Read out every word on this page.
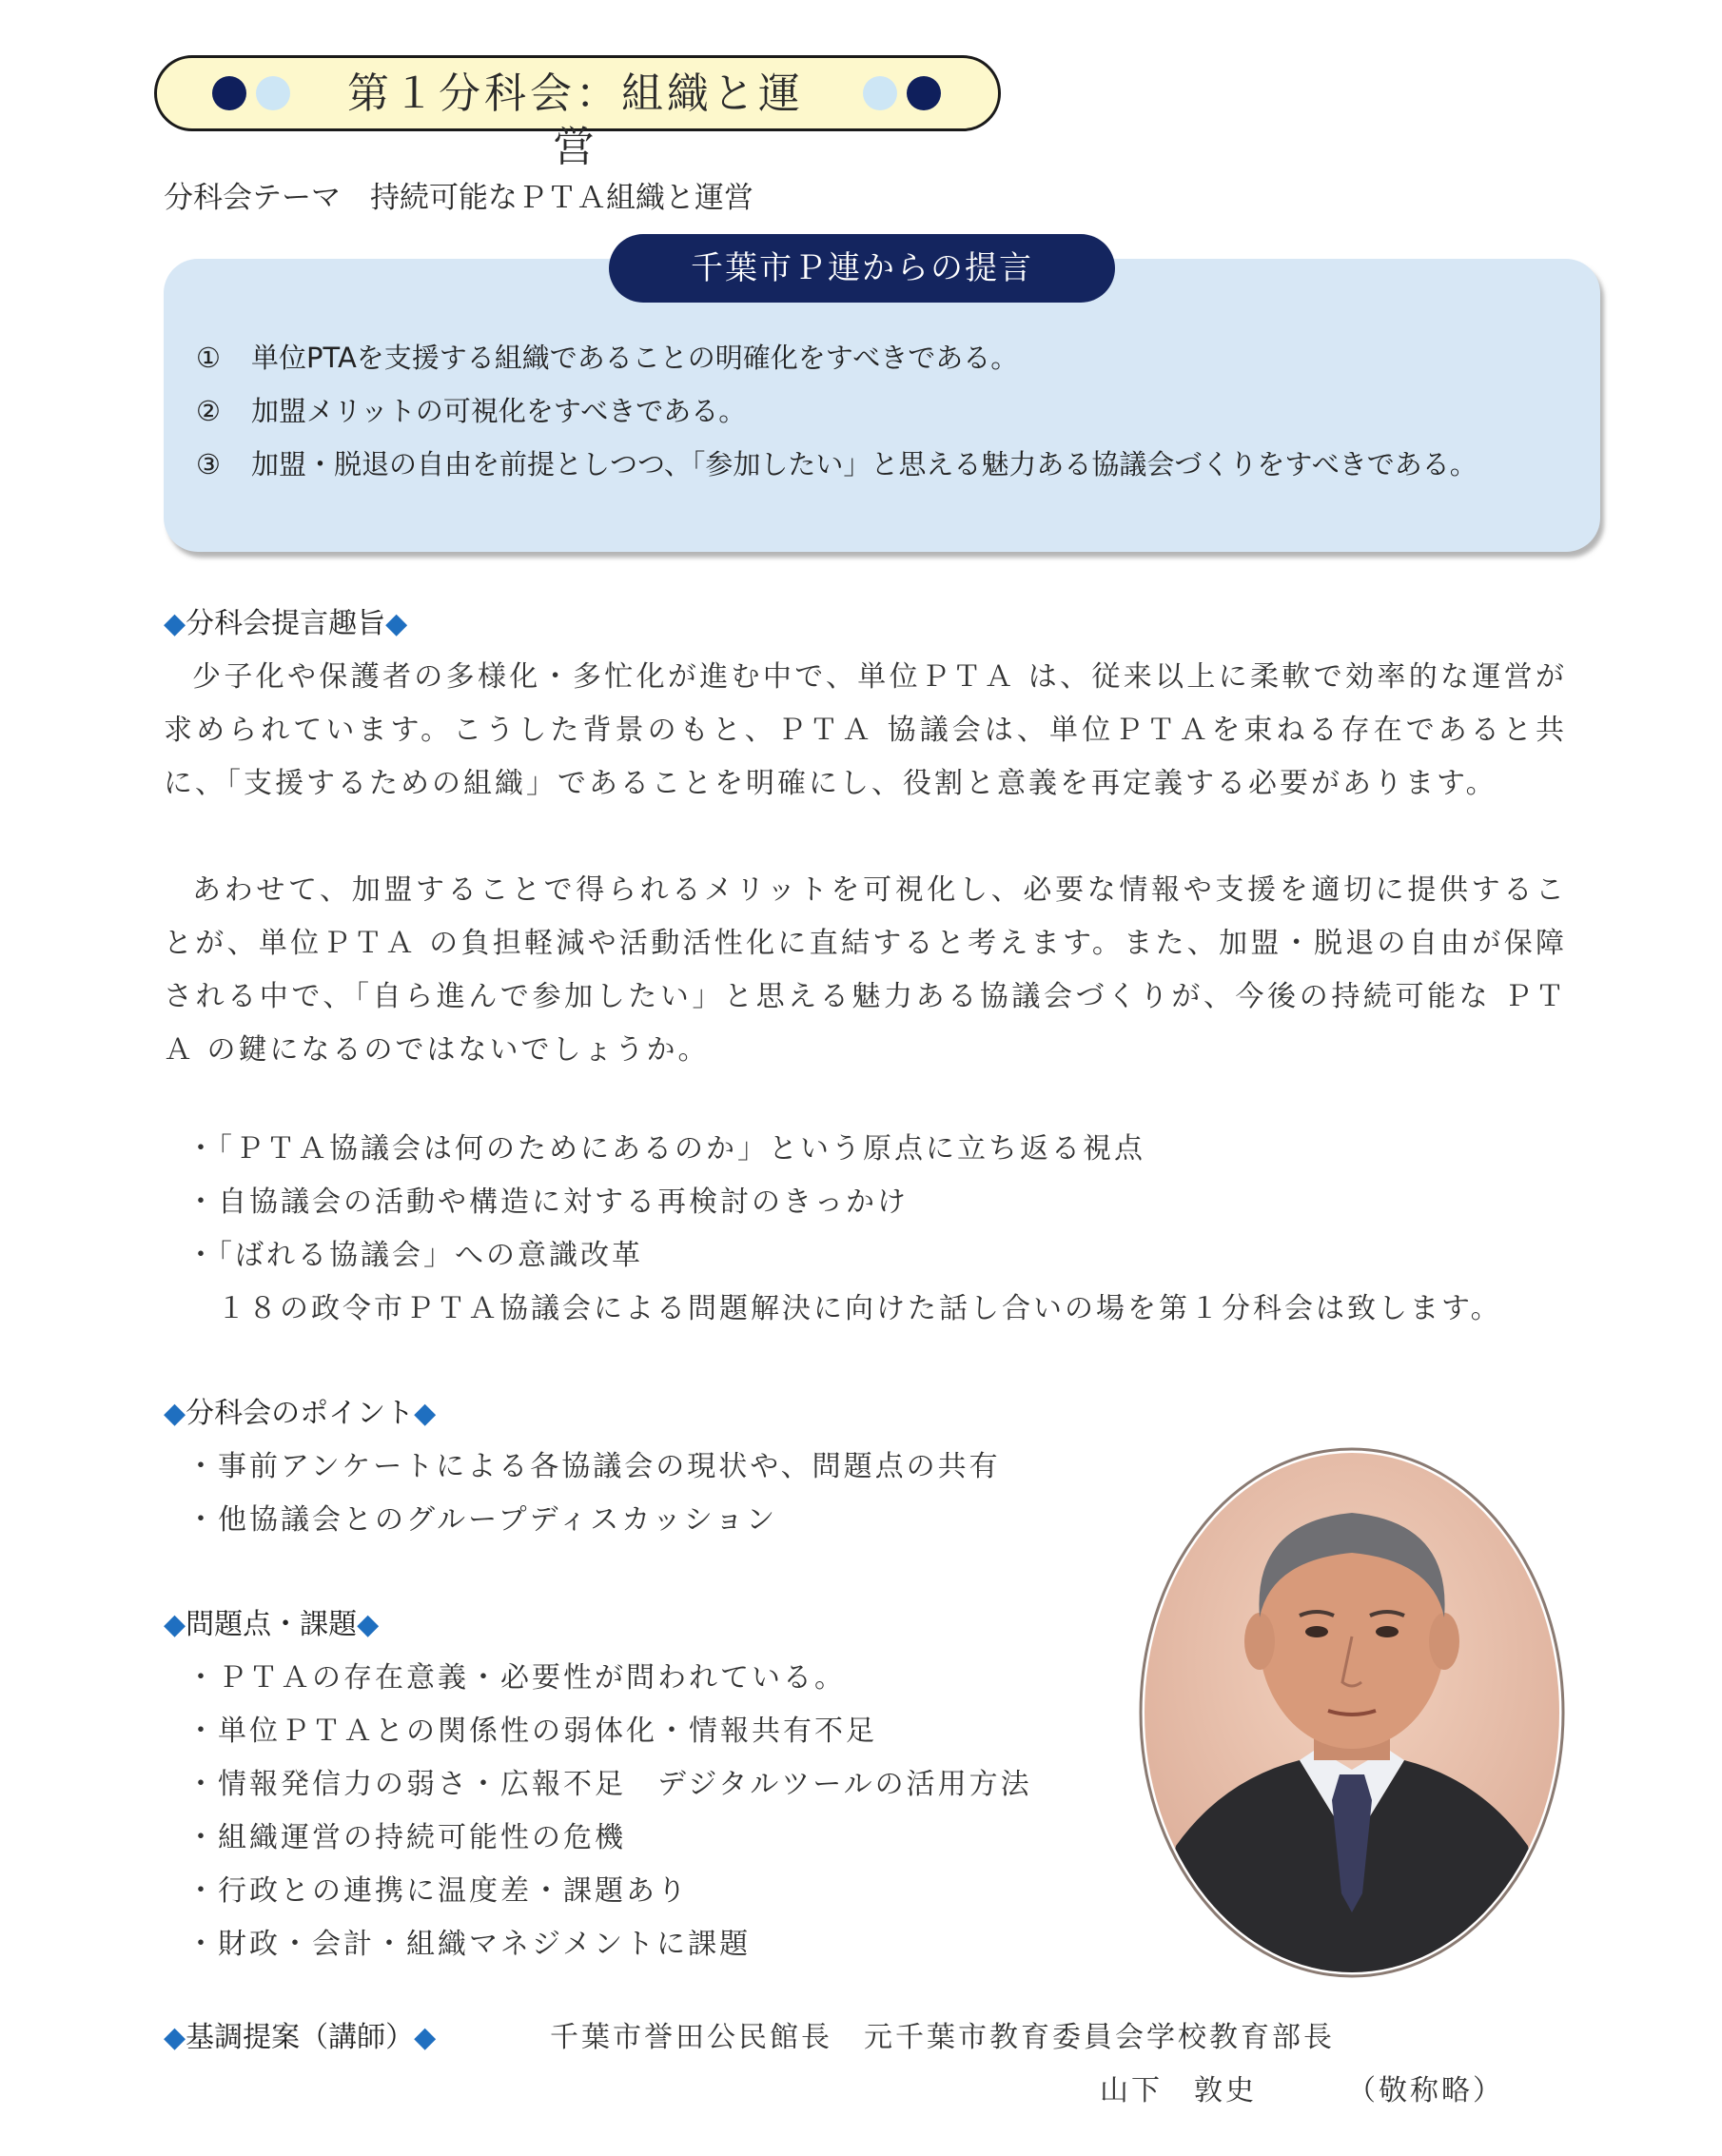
第１分科会：組織と運営
分科会テーマ　持続可能なＰＴＡ組織と運営
千葉市Ｐ連からの提言
① 単位PTAを支援する組織であることの明確化をすべきである。
② 加盟メリットの可視化をすべきである。
③ 加盟・脱退の自由を前提としつつ、「参加したい」と思える魅力ある協議会づくりをすべきである。
◆分科会提言趣旨◆

少子化や保護者の多様化・多忙化が進む中で、単位ＰＴＡ は、従来以上に柔軟で効率的な運営が求められています。こうした背景のもと、ＰＴＡ 協議会は、単位ＰＴＡを束ねる存在であると共に、「支援するための組織」であることを明確にし、役割と意義を再定義する必要があります。

あわせて、加盟することで得られるメリットを可視化し、必要な情報や支援を適切に提供することが、単位ＰＴＡ の負担軽減や活動活性化に直結すると考えます。また、加盟・脱退の自由が保障される中で、「自ら進んで参加したい」と思える魅力ある協議会づくりが、今後の持続可能な ＰＴＡ の鍵になるのではないでしょうか。

・「ＰＴＡ協議会は何のためにあるのか」という原点に立ち返る視点
・自協議会の活動や構造に対する再検討のきっかけ
・「ばれる協議会」への意識改革
１８の政令市ＰＴＡ協議会による問題解決に向けた話し合いの場を第１分科会は致します。
◆分科会のポイント◆
・事前アンケートによる各協議会の現状や、問題点の共有
・他協議会とのグループディスカッション
◆問題点・課題◆
・ＰＴＡの存在意義・必要性が問われている。
・単位ＰＴＡとの関係性の弱体化・情報共有不足
・情報発信力の弱さ・広報不足　デジタルツールの活用方法
・組織運営の持続可能性の危機
・行政との連携に温度差・課題あり
・財政・会計・組織マネジメントに課題
◆基調提案（講師）◆	千葉市誉田公民館長　元千葉市教育委員会学校教育部長
山下　敦史	（敬称略）
